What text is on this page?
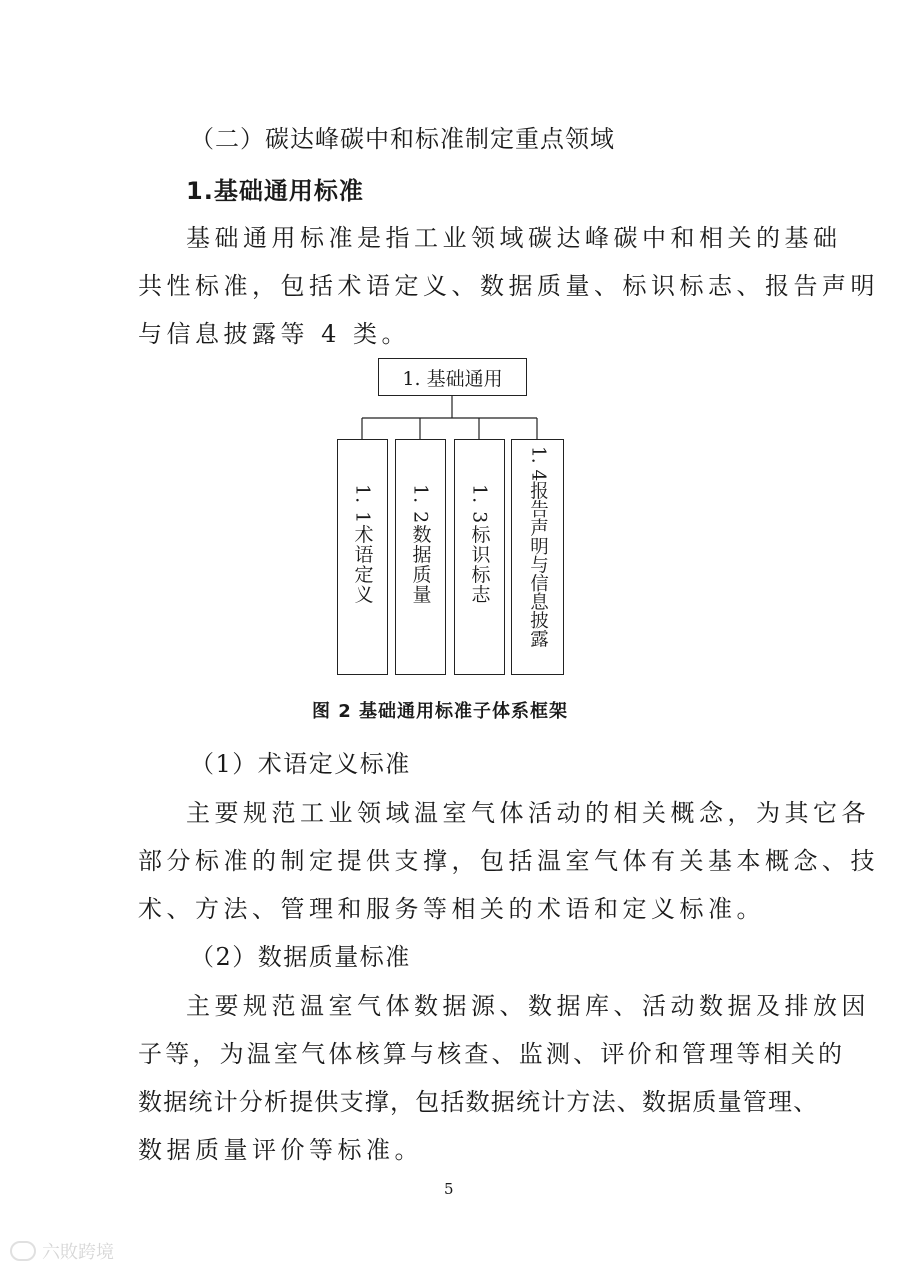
（二）碳达峰碳中和标准制定重点领域
1.基础通用标准
基础通用标准是指工业领域碳达峰碳中和相关的基础
共性标准，包括术语定义、数据质量、标识标志、报告声明
与信息披露等 4 类。
1. 基础通用
1. 1术语定义 1. 2数据质量 1. 3标识标志 1. 4报告声明与信息披露
图 2 基础通用标准子体系框架
（1）术语定义标准
主要规范工业领域温室气体活动的相关概念，为其它各
部分标准的制定提供支撑，包括温室气体有关基本概念、技
术、方法、管理和服务等相关的术语和定义标准。
（2）数据质量标准
主要规范温室气体数据源、数据库、活动数据及排放因
子等，为温室气体核算与核查、监测、评价和管理等相关的
数据统计分析提供支撑，包括数据统计方法、数据质量管理、
数据质量评价等标准。
5
六敗跨境
